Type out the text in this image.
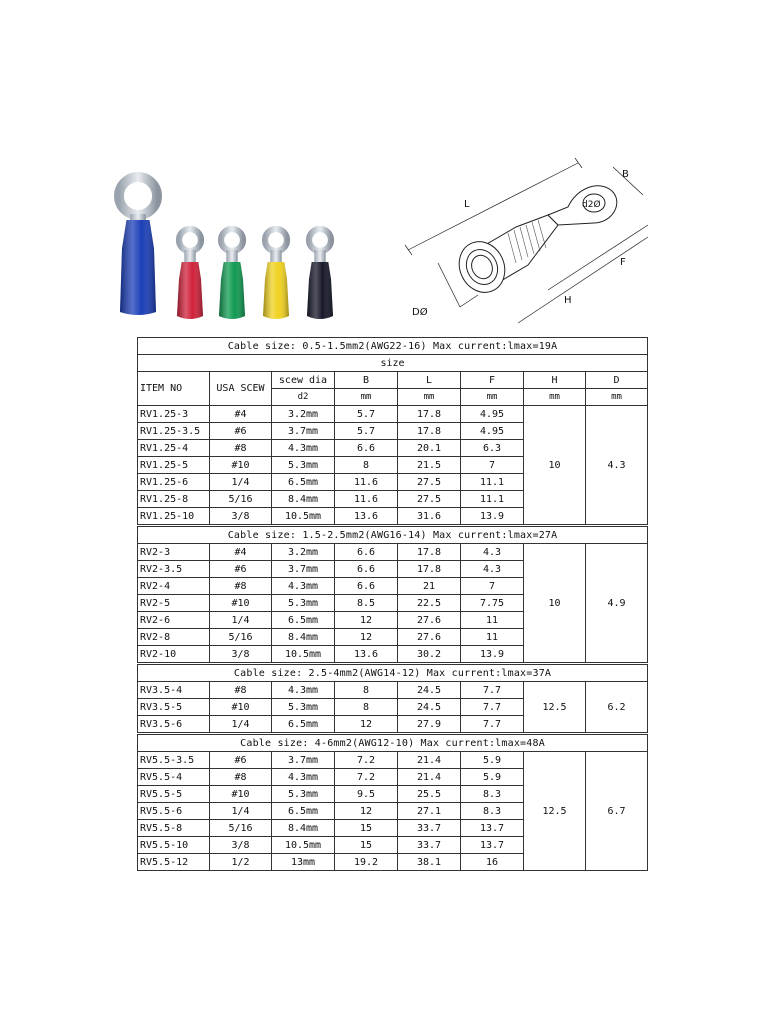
L
B
d2Ø
F
H
DØ
Cable size: 0.5-1.5mm2(AWG22-16) Max current:lmax=19A							
size							
ITEM NO	USA SCEW	scew dia	B	L	F	H	D
		d2	mm	mm	mm	mm	mm
RV1.25-3	#4	3.2mm	5.7	17.8	4.95	10	4.3
RV1.25-3.5	#6	3.7mm	5.7	17.8	4.95		
RV1.25-4	#8	4.3mm	6.6	20.1	6.3		
RV1.25-5	#10	5.3mm	8	21.5	7		
RV1.25-6	1/4	6.5mm	11.6	27.5	11.1		
RV1.25-8	5/16	8.4mm	11.6	27.5	11.1		
RV1.25-10	3/8	10.5mm	13.6	31.6	13.9		
Cable size: 1.5-2.5mm2(AWG16-14) Max current:lmax=27A							
RV2-3	#4	3.2mm	6.6	17.8	4.3	10	4.9
RV2-3.5	#6	3.7mm	6.6	17.8	4.3		
RV2-4	#8	4.3mm	6.6	21	7		
RV2-5	#10	5.3mm	8.5	22.5	7.75		
RV2-6	1/4	6.5mm	12	27.6	11		
RV2-8	5/16	8.4mm	12	27.6	11		
RV2-10	3/8	10.5mm	13.6	30.2	13.9		
Cable size: 2.5-4mm2(AWG14-12) Max current:lmax=37A							
RV3.5-4	#8	4.3mm	8	24.5	7.7	12.5	6.2
RV3.5-5	#10	5.3mm	8	24.5	7.7		
RV3.5-6	1/4	6.5mm	12	27.9	7.7		
Cable size: 4-6mm2(AWG12-10) Max current:lmax=48A							
RV5.5-3.5	#6	3.7mm	7.2	21.4	5.9	12.5	6.7
RV5.5-4	#8	4.3mm	7.2	21.4	5.9		
RV5.5-5	#10	5.3mm	9.5	25.5	8.3		
RV5.5-6	1/4	6.5mm	12	27.1	8.3		
RV5.5-8	5/16	8.4mm	15	33.7	13.7		
RV5.5-10	3/8	10.5mm	15	33.7	13.7		
RV5.5-12	1/2	13mm	19.2	38.1	16		
